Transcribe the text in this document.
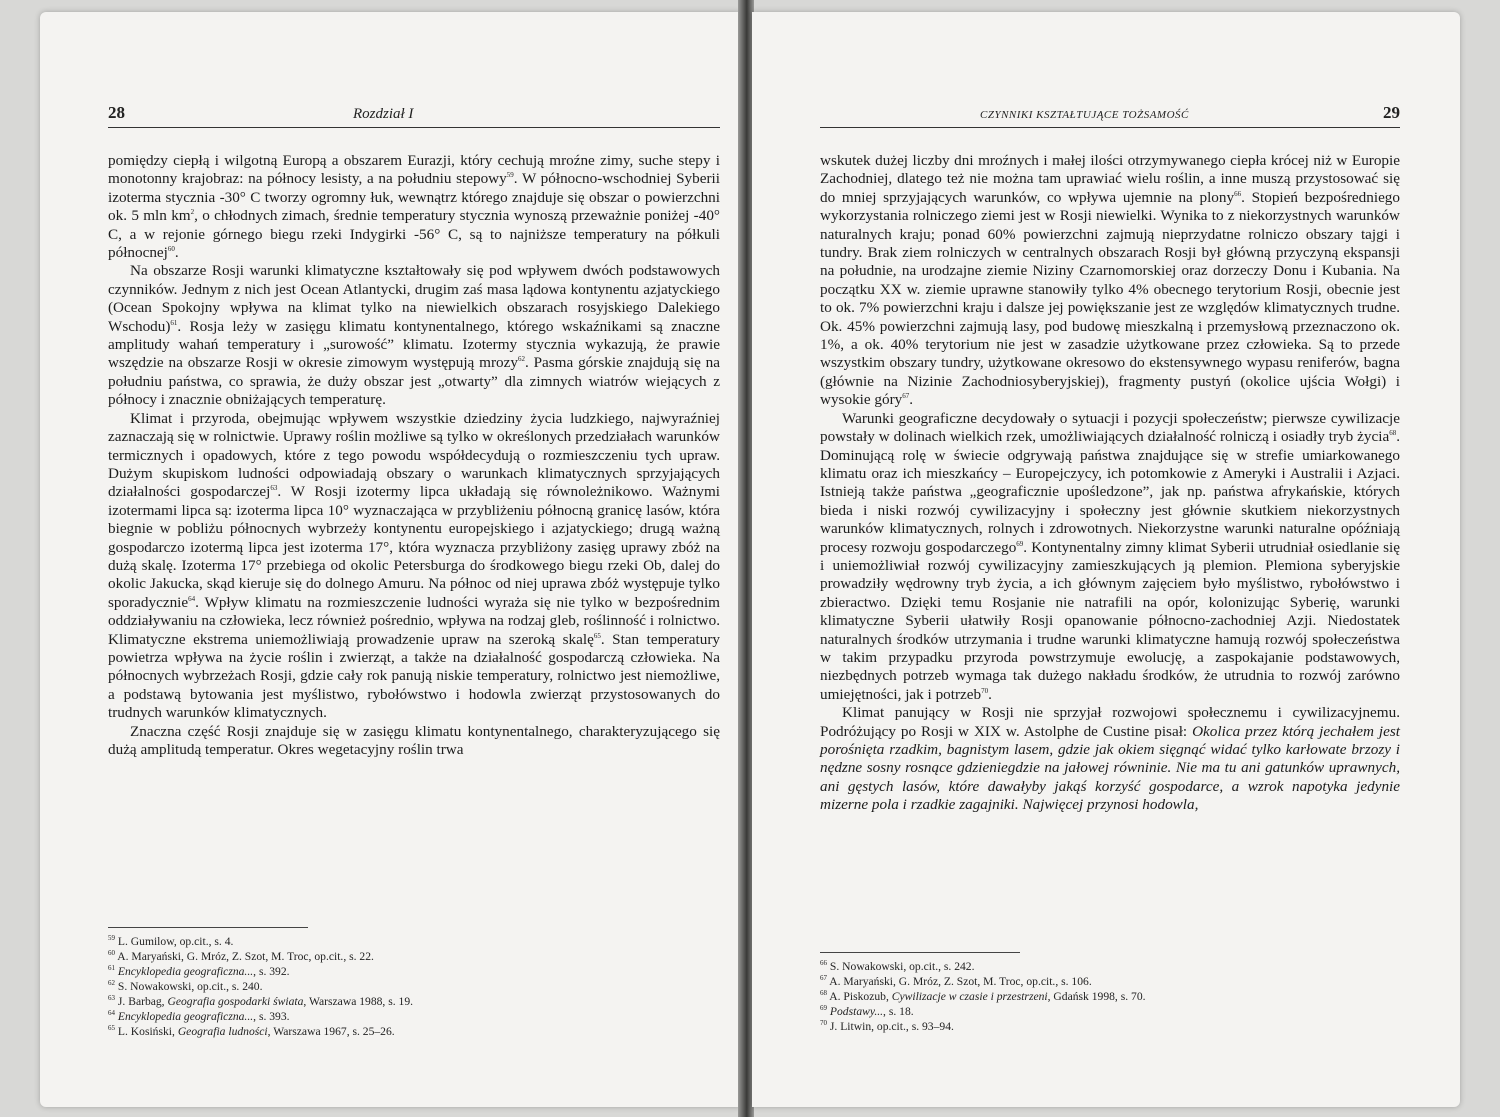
28	Rozdział I

pomiędzy ciepłą i wilgotną Europą a obszarem Eurazji, który cechują mroźne zimy, suche stepy i monotonny krajobraz: na północy lesisty, a na południu stepowy$^{59}$. W północno-wschodniej Syberii izoterma stycznia -30° C tworzy ogromny łuk, wewnątrz którego znajduje się obszar o powierzchni ok. 5 mln $km^2$, o chłodnych zimach, średnie temperatury stycznia wynoszą przeważnie poniżej -40° C, a w rejonie górnego biegu rzeki Indygirki -56° C, są to najniższe temperatury na półkuli północnej$^{60}$.

Na obszarze Rosji warunki klimatyczne kształtowały się pod wpływem dwóch podstawowych czynników. Jednym z nich jest Ocean Atlantycki, drugim zaś masa lądowa kontynentu azjatyckiego (Ocean Spokojny wpływa na klimat tylko na niewielkich obszarach rosyjskiego Dalekiego Wschodu)$^{61}$. Rosja leży w zasięgu klimatu kontynentalnego, którego wskaźnikami są znaczne amplitudy wahań temperatury i „surowość” klimatu. Izotermy stycznia wykazują, że prawie wszędzie na obszarze Rosji w okresie zimowym występują mrozy$^{62}$. Pasma górskie znajdują się na południu państwa, co sprawia, że duży obszar jest „otwarty” dla zimnych wiatrów wiejących z północy i znacznie obniżających temperaturę.

Klimat i przyroda, obejmując wpływem wszystkie dziedziny życia ludzkiego, najwyraźniej zaznaczają się w rolnictwie. Uprawy roślin możliwe są tylko w określonych przedziałach warunków termicznych i opadowych, które z tego powodu współdecydują o rozmieszczeniu tych upraw. Dużym skupiskom ludności odpowiadają obszary o warunkach klimatycznych sprzyjających działalności gospodarczej$^{63}$. W Rosji izotermy lipca układają się równoleżnikowo. Ważnymi izotermami lipca są: izoterma lipca 10° wyznaczająca w przybliżeniu północną granicę lasów, która biegnie w pobliżu północnych wybrzeży kontynentu europejskiego i azjatyckiego; drugą ważną gospodarczo izotermą lipca jest izoterma 17°, która wyznacza przybliżony zasięg uprawy zbóż na dużą skalę. Izoterma 17° przebiega od okolic Petersburga do środkowego biegu rzeki Ob, dalej do okolic Jakucka, skąd kieruje się do dolnego Amuru. Na północ od niej uprawa zbóż występuje tylko sporadycznie$^{64}$. Wpływ klimatu na rozmieszczenie ludności wyraża się nie tylko w bezpośrednim oddziaływaniu na człowieka, lecz również pośrednio, wpływa na rodzaj gleb, roślinność i rolnictwo. Klimatyczne ekstrema uniemożliwiają prowadzenie upraw na szeroką skalę$^{65}$. Stan temperatury powietrza wpływa na życie roślin i zwierząt, a także na działalność gospodarczą człowieka. Na północnych wybrzeżach Rosji, gdzie cały rok panują niskie temperatury, rolnictwo jest niemożliwe, a podstawą bytowania jest myślistwo, rybołówstwo i hodowla zwierząt przystosowanych do trudnych warunków klimatycznych.

Znaczna część Rosji znajduje się w zasięgu klimatu kontynentalnego, charakteryzującego się dużą amplitudą temperatur. Okres wegetacyjny roślin trwa

$^{59}$ L. Gumilow, op.cit., s. 4.
$^{60}$ A. Maryański, G. Mróz, Z. Szot, M. Troc, op.cit., s. 22.
$^{61}$ Encyklopedia geograficzna..., s. 392.
$^{62}$ S. Nowakowski, op.cit., s. 240.
$^{63}$ J. Barbag, Geografia gospodarki świata, Warszawa 1988, s. 19.
$^{64}$ Encyklopedia geograficzna..., s. 393.
$^{65}$ L. Kosiński, Geografia ludności, Warszawa 1967, s. 25–26.
CZYNNIKI KSZTAŁTUJĄCE TOŻSAMOŚĆ	29

wskutek dużej liczby dni mroźnych i małej ilości otrzymywanego ciepła krócej niż w Europie Zachodniej, dlatego też nie można tam uprawiać wielu roślin, a inne muszą przystosować się do mniej sprzyjających warunków, co wpływa ujemnie na plony$^{66}$. Stopień bezpośredniego wykorzystania rolniczego ziemi jest w Rosji niewielki. Wynika to z niekorzystnych warunków naturalnych kraju; ponad 60% powierzchni zajmują nieprzydatne rolniczo obszary tajgi i tundry. Brak ziem rolniczych w centralnych obszarach Rosji był główną przyczyną ekspansji na południe, na urodzajne ziemie Niziny Czarnomorskiej oraz dorzeczy Donu i Kubania. Na początku XX w. ziemie uprawne stanowiły tylko 4% obecnego terytorium Rosji, obecnie jest to ok. 7% powierzchni kraju i dalsze jej powiększanie jest ze względów klimatycznych trudne. Ok. 45% powierzchni zajmują lasy, pod budowę mieszkalną i przemysłową przeznaczono ok. 1%, a ok. 40% terytorium nie jest w zasadzie użytkowane przez człowieka. Są to przede wszystkim obszary tundry, użytkowane okresowo do ekstensywnego wypasu reniferów, bagna (głównie na Nizinie Zachodniosyberyjskiej), fragmenty pustyń (okolice ujścia Wołgi) i wysokie góry$^{67}$.

Warunki geograficzne decydowały o sytuacji i pozycji społeczeństw; pierwsze cywilizacje powstały w dolinach wielkich rzek, umożliwiających działalność rolniczą i osiadły tryb życia$^{68}$. Dominującą rolę w świecie odgrywają państwa znajdujące się w strefie umiarkowanego klimatu oraz ich mieszkańcy – Europejczycy, ich potomkowie z Ameryki i Australii i Azjaci. Istnieją także państwa „geograficznie upośledzone”, jak np. państwa afrykańskie, których bieda i niski rozwój cywilizacyjny i społeczny jest głównie skutkiem niekorzystnych warunków klimatycznych, rolnych i zdrowotnych. Niekorzystne warunki naturalne opóźniają procesy rozwoju gospodarczego$^{69}$. Kontynentalny zimny klimat Syberii utrudniał osiedlanie się i uniemożliwiał rozwój cywilizacyjny zamieszkujących ją plemion. Plemiona syberyjskie prowadziły wędrowny tryb życia, a ich głównym zajęciem było myślistwo, rybołówstwo i zbieractwo. Dzięki temu Rosjanie nie natrafili na opór, kolonizując Syberię, warunki klimatyczne Syberii ułatwiły Rosji opanowanie północno-zachodniej Azji. Niedostatek naturalnych środków utrzymania i trudne warunki klimatyczne hamują rozwój społeczeństwa w takim przypadku przyroda powstrzymuje ewolucję, a zaspokajanie podstawowych, niezbędnych potrzeb wymaga tak dużego nakładu środków, że utrudnia to rozwój zarówno umiejętności, jak i potrzeb$^{70}$.

Klimat panujący w Rosji nie sprzyjał rozwojowi społecznemu i cywilizacyjnemu. Podróżujący po Rosji w XIX w. Astolphe de Custine pisał: Okolica przez którą jechałem jest porośnięta rzadkim, bagnistym lasem, gdzie jak okiem sięgnąć widać tylko karłowate brzozy i nędzne sosny rosnące gdzieniegdzie na jałowej równinie. Nie ma tu ani gatunków uprawnych, ani gęstych lasów, które dawałyby jakąś korzyść gospodarce, a wzrok napotyka jedynie mizerne pola i rzadkie zagajniki. Najwięcej przynosi hodowla,

$^{66}$ S. Nowakowski, op.cit., s. 242.
$^{67}$ A. Maryański, G. Mróz, Z. Szot, M. Troc, op.cit., s. 106.
$^{68}$ A. Piskozub, Cywilizacje w czasie i przestrzeni, Gdańsk 1998, s. 70.
$^{69}$ Podstawy..., s. 18.
$^{70}$ J. Litwin, op.cit., s. 93–94.
